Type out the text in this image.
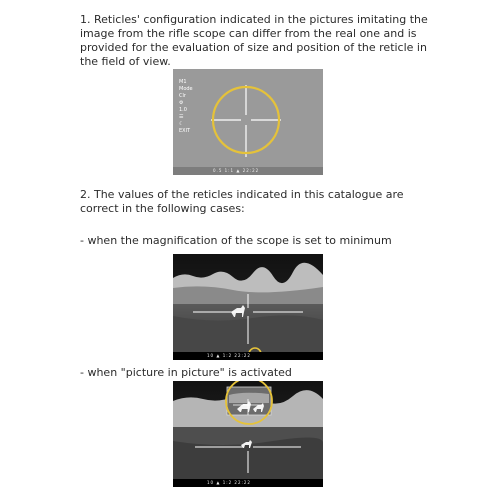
1. Reticles' configuration indicated in the pictures imitating the image from the rifle scope can differ from the real one and is provided for the evaluation of size and position of the reticle in the field of view.

M1
Mode
Clr
⚙
1.0
☰
☾
EXIT
0.5 1:1 ▲ 22:22

2. The values of the reticles indicated in this catalogue are correct in the following cases:

- when the magnification of the scope is set to minimum

10 ▲ 1:2 22:22

- when "picture in picture" is activated

10 ▲ 1:2 22:22
